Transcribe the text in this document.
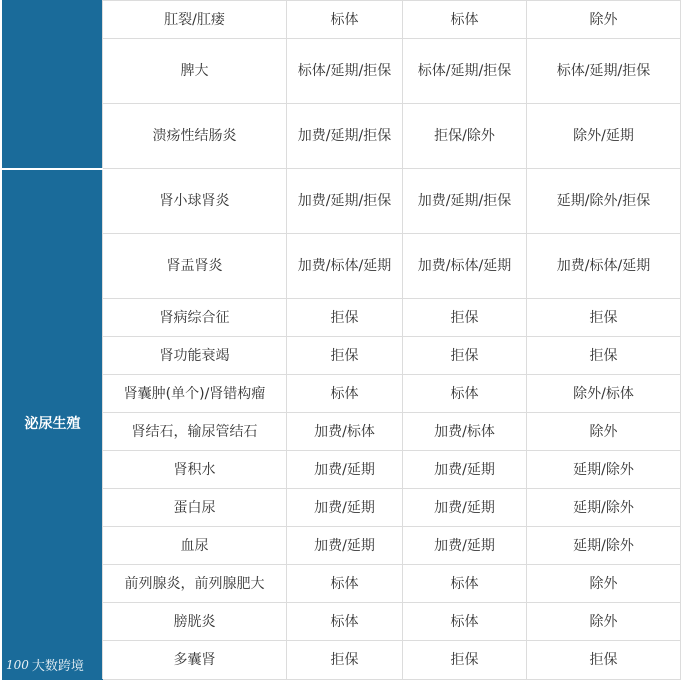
	肛裂/肛瘘	标体	标体	除外
	脾大	标体/延期/拒保	标体/延期/拒保	标体/延期/拒保
	溃疡性结肠炎	加费/延期/拒保	拒保/除外	除外/延期
泌尿生殖	肾小球肾炎	加费/延期/拒保	加费/延期/拒保	延期/除外/拒保
	肾盂肾炎	加费/标体/延期	加费/标体/延期	加费/标体/延期
	肾病综合征	拒保	拒保	拒保
	肾功能衰竭	拒保	拒保	拒保
	肾囊肿(单个)/肾错构瘤	标体	标体	除外/标体
	肾结石，输尿管结石	加费/标体	加费/标体	除外
	肾积水	加费/延期	加费/延期	延期/除外
	蛋白尿	加费/延期	加费/延期	延期/除外
	血尿	加费/延期	加费/延期	延期/除外
	前列腺炎，前列腺肥大	标体	标体	除外
	膀胱炎	标体	标体	除外
	多囊肾	拒保	拒保	拒保
100 大数跨境
